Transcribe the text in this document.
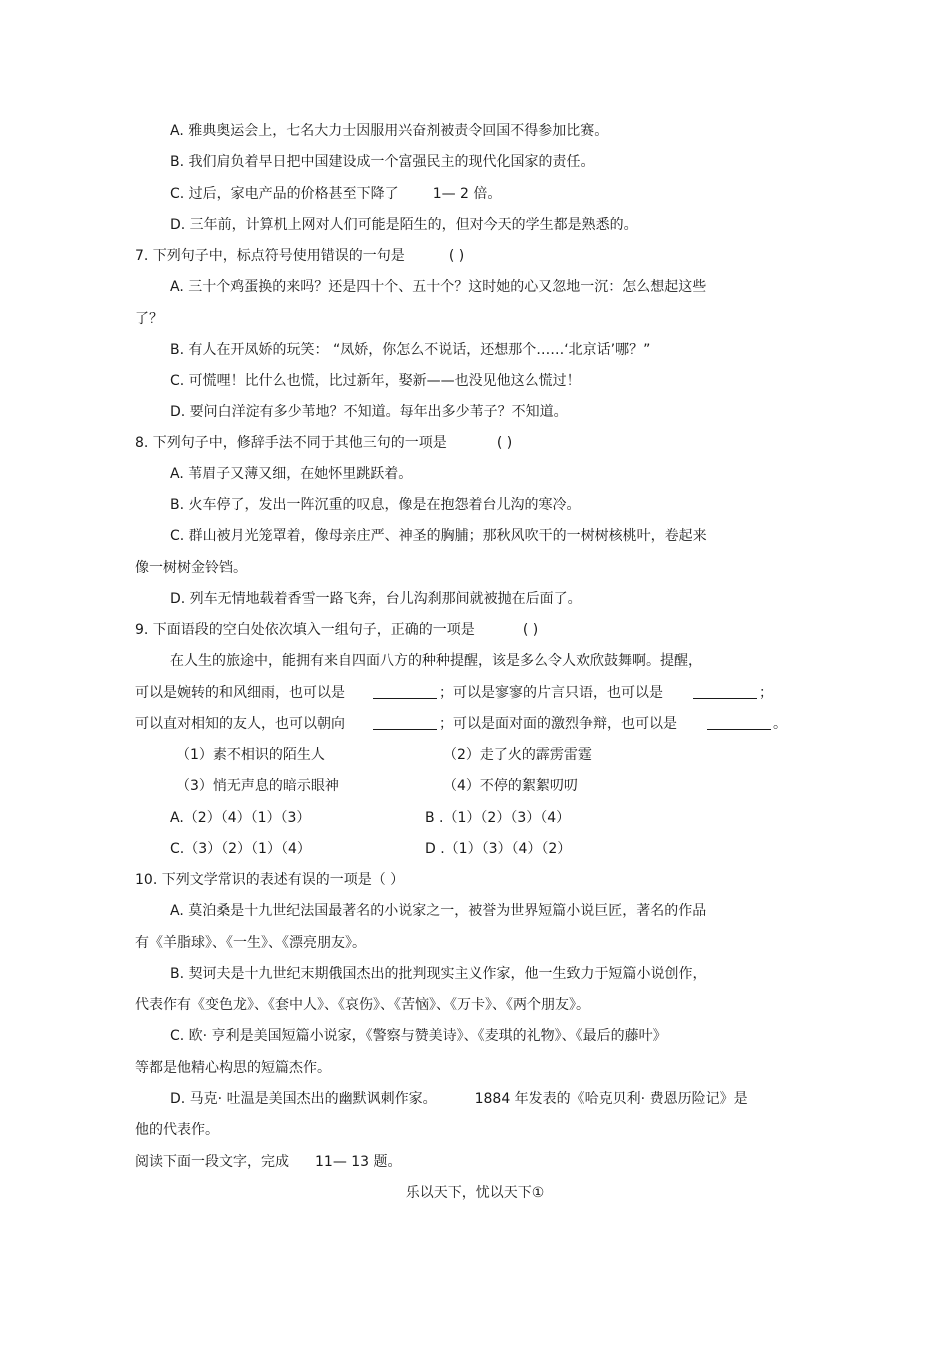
A. 雅典奥运会上，七名大力士因服用兴奋剂被责令回国不得参加比赛。
B. 我们肩负着早日把中国建设成一个富强民主的现代化国家的责任。
C. 过后，家电产品的价格甚至下降了 1— 2 倍。
D. 三年前，计算机上网对人们可能是陌生的，但对今天的学生都是熟悉的。
7. 下列句子中，标点符号使用错误的一句是	( )
A. 三十个鸡蛋换的来吗？还是四十个、五十个？这时她的心又忽地一沉：怎么想起这些
了？
B. 有人在开凤娇的玩笑： “凤娇，你怎么不说话，还想那个……‘北京话’哪？”
C. 可慌哩！比什么也慌，比过新年，娶新——也没见他这么慌过！
D. 要问白洋淀有多少苇地？不知道。每年出多少苇子？不知道。
8. 下列句子中，修辞手法不同于其他三句的一项是	( )
A. 苇眉子又薄又细，在她怀里跳跃着。
B. 火车停了，发出一阵沉重的叹息，像是在抱怨着台儿沟的寒冷。
C. 群山被月光笼罩着，像母亲庄严、神圣的胸脯；那秋风吹干的一树树核桃叶，卷起来
像一树树金铃铛。
D. 列车无情地载着香雪一路飞奔，台儿沟刹那间就被抛在后面了。
9. 下面语段的空白处依次填入一组句子，正确的一项是	( )
在人生的旅途中，能拥有来自四面八方的种种提醒，该是多么令人欢欣鼓舞啊。提醒，
可以是婉转的和风细雨，也可以是	；可以是寥寥的片言只语，也可以是	；
可以直对相知的友人，也可以朝向	；可以是面对面的激烈争辩，也可以是	。
（1）素不相识的陌生人	（2）走了火的霹雳雷霆
（3）悄无声息的暗示眼神	（4）不停的絮絮叨叨
A.（2）（4）（1）（3）	B .（1）（2）（3）（4）
C.（3）（2）（1）（4）	D .（1）（3）（4）（2）
10. 下列文学常识的表述有误的一项是（ ）
A. 莫泊桑是十九世纪法国最著名的小说家之一，被誉为世界短篇小说巨匠，著名的作品
有《羊脂球》、《一生》、《漂亮朋友》。
B. 契诃夫是十九世纪末期俄国杰出的批判现实主义作家，他一生致力于短篇小说创作，
代表作有《变色龙》、《套中人》、《哀伤》、《苦恼》、《万卡》、《两个朋友》。
C. 欧· 亨利是美国短篇小说家，《警察与赞美诗》、《麦琪的礼物》、《最后的藤叶》
等都是他精心构思的短篇杰作。
D. 马克· 吐温是美国杰出的幽默讽刺作家。	1884 年发表的《哈克贝利· 费恩历险记》是
他的代表作。
阅读下面一段文字，完成 11— 13 题。
乐以天下，忧以天下①
